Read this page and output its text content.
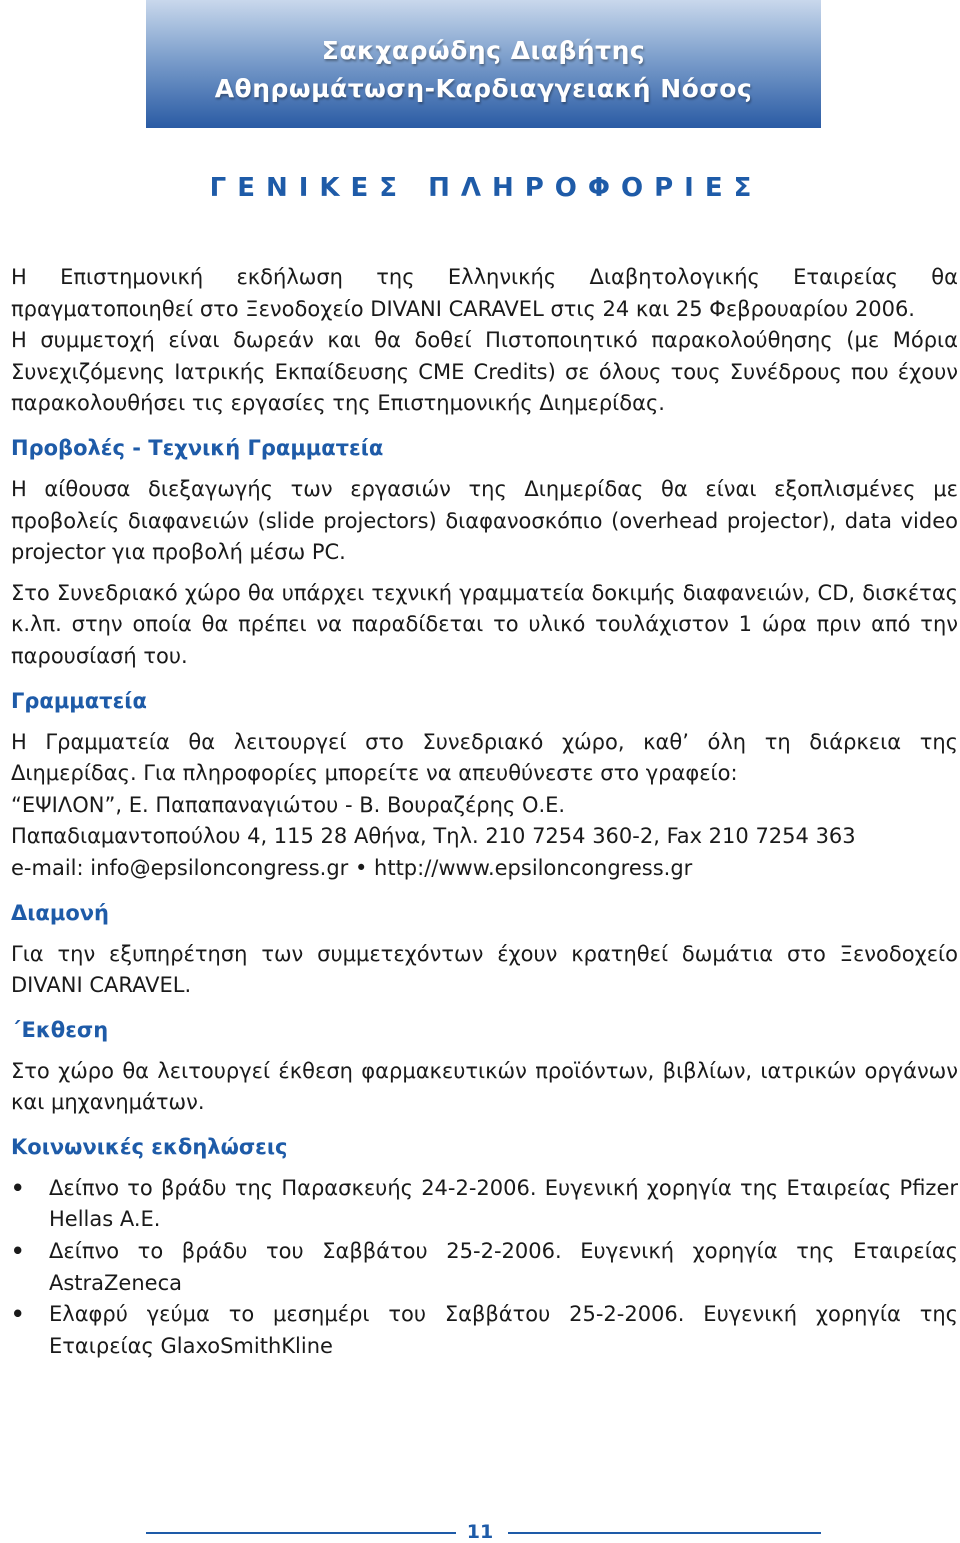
Σακχαρώδης Διαβήτης
Αθηρωμάτωση-Καρδιαγγειακή Νόσος
ΓΕΝΙΚΕΣ ΠΛΗΡΟΦΟΡΙΕΣ

Η Επιστημονική εκδήλωση της Ελληνικής Διαβητολογικής Εταιρείας θα πραγματοποιηθεί στο Ξενοδοχείο DIVANI CARAVEL στις 24 και 25 Φεβρουαρίου 2006.

Η συμμετοχή είναι δωρεάν και θα δοθεί Πιστοποιητικό παρακολούθησης (με Μόρια Συνεχιζόμενης Ιατρικής Εκπαίδευσης CME Credits) σε όλους τους Συνέδρους που έχουν παρακολουθήσει τις εργασίες της Επιστημονικής Διημερίδας.

Προβολές - Τεχνική Γραμματεία

Η αίθουσα διεξαγωγής των εργασιών της Διημερίδας θα είναι εξοπλισμένες με προβολείς διαφανειών (slide projectors) διαφανοσκόπιο (overhead projector), data video projector για προβολή μέσω PC.

Στο Συνεδριακό χώρο θα υπάρχει τεχνική γραμματεία δοκιμής διαφανειών, CD, δισκέτας κ.λπ. στην οποία θα πρέπει να παραδίδεται το υλικό τουλάχιστον 1 ώρα πριν από την παρουσίασή του.

Γραμματεία

Η Γραμματεία θα λειτουργεί στο Συνεδριακό χώρο, καθ’ όλη τη διάρκεια της Διημερίδας. Για πληροφορίες μπορείτε να απευθύνεστε στο γραφείο:

“ΕΨΙΛΟΝ”, Ε. Παπαπαναγιώτου - Β. Βουραζέρης Ο.Ε.

Παπαδιαμαντοπούλου 4, 115 28 Αθήνα, Τηλ. 210 7254 360-2, Fax 210 7254 363

e-mail: info@epsiloncongress.gr • http://www.epsiloncongress.gr

Διαμονή

Για την εξυπηρέτηση των συμμετεχόντων έχουν κρατηθεί δωμάτια στο Ξενοδοχείο DIVANI CARAVEL.

´Εκθεση

Στο χώρο θα λειτουργεί έκθεση φαρμακευτικών προϊόντων, βιβλίων, ιατρικών οργάνων και μηχανημάτων.

Κοινωνικές εκδηλώσεις
• Δείπνο το βράδυ της Παρασκευής 24-2-2006. Ευγενική χορηγία της Εταιρείας Pfizer Hellas A.E.
• Δείπνο το βράδυ του Σαββάτου 25-2-2006. Ευγενική χορηγία της Εταιρείας AstraZeneca
• Ελαφρύ γεύμα το μεσημέρι του Σαββάτου 25-2-2006. Ευγενική χορηγία της Εταιρείας GlaxoSmithKline
11
